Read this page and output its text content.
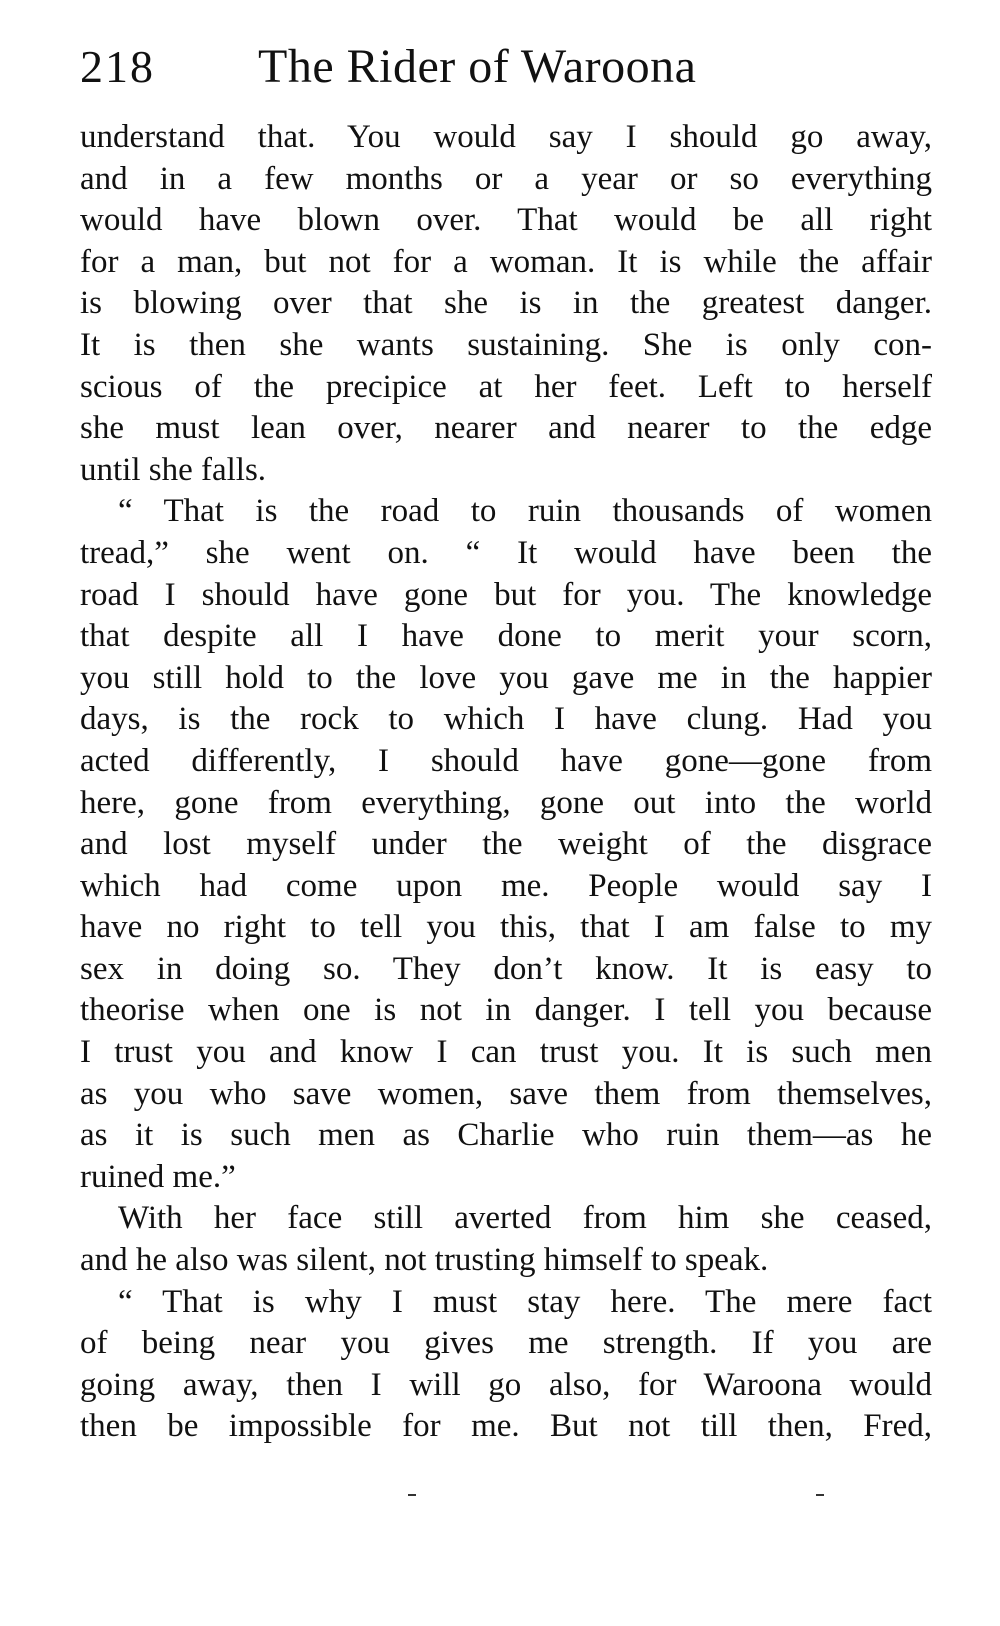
218 The Rider of Waroona
understand that. You would say I should go away,
and in a few months or a year or so everything
would have blown over. That would be all right
for a man, but not for a woman. It is while the affair
is blowing over that she is in the greatest danger.
It is then she wants sustaining. She is only con-
scious of the precipice at her feet. Left to herself
she must lean over, nearer and nearer to the edge
until she falls.
“ That is the road to ruin thousands of women
tread,” she went on. “ It would have been the
road I should have gone but for you. The knowledge
that despite all I have done to merit your scorn,
you still hold to the love you gave me in the happier
days, is the rock to which I have clung. Had you
acted differently, I should have gone—gone from
here, gone from everything, gone out into the world
and lost myself under the weight of the disgrace
which had come upon me. People would say I
have no right to tell you this, that I am false to my
sex in doing so. They don’t know. It is easy to
theorise when one is not in danger. I tell you because
I trust you and know I can trust you. It is such men
as you who save women, save them from themselves,
as it is such men as Charlie who ruin them—as he
ruined me.”
With her face still averted from him she ceased,
and he also was silent, not trusting himself to speak.
“ That is why I must stay here. The mere fact
of being near you gives me strength. If you are
going away, then I will go also, for Waroona would
then be impossible for me. But not till then, Fred,
